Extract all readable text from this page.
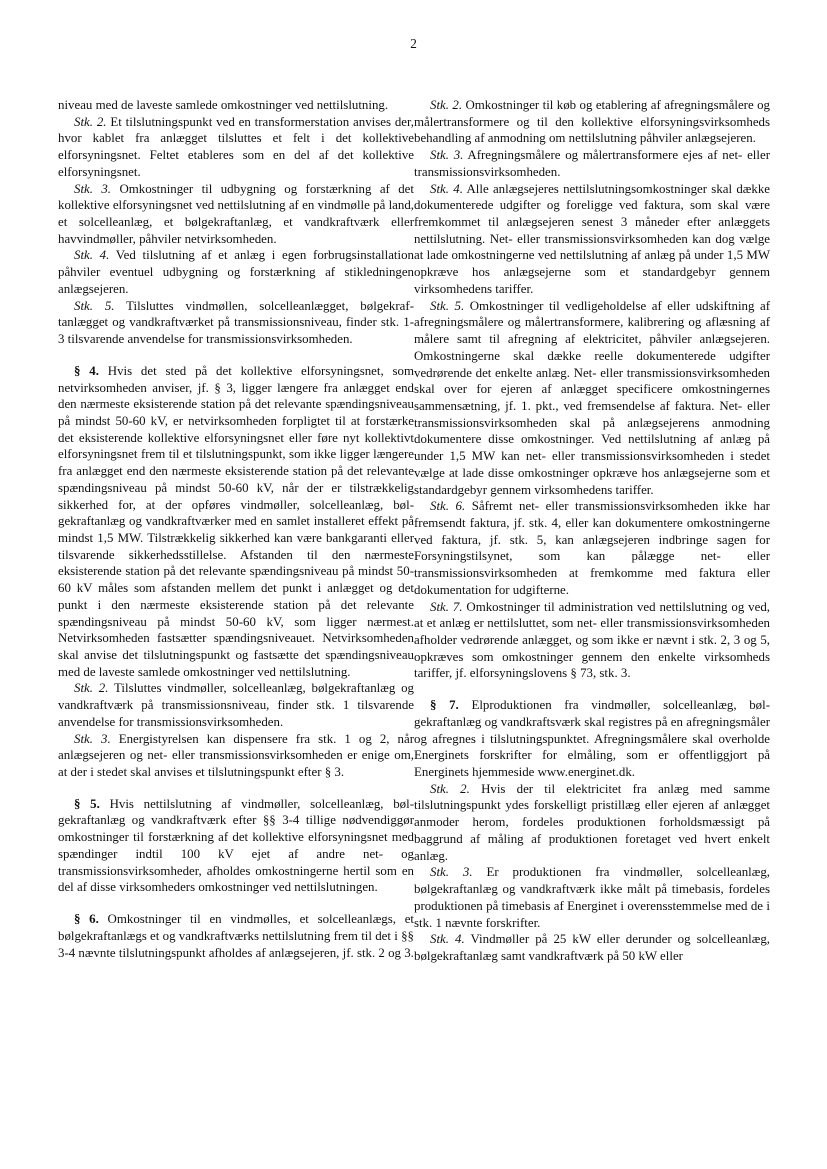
2

niveau med de laveste samlede omkostninger ved nettilslutning.

Stk. 2. Et tilslutningspunkt ved en transformerstation anvises der, hvor kablet fra anlægget tilsluttes et felt i det kollektive elforsyningsnet. Feltet etableres som en del af det kollektive elforsyningsnet.

Stk. 3. Omkostninger til udbygning og forstærkning af det kollektive elforsyningsnet ved nettilslutning af en vindmølle på land, et solcelleanlæg, et bølgekraftanlæg, et vandkraftværk eller havvindmøller, påhviler netvirksomheden.

Stk. 4. Ved tilslutning af et anlæg i egen forbrugsinstallation påhviler eventuel udbygning og forstærkning af stikledningen anlægsejeren.

Stk. 5. Tilsluttes vindmøllen, solcelleanlægget, bølgekraftanlægget og vandkraftværket på transmissionsniveau, finder stk. 1-3 tilsvarende anvendelse for transmissionsvirksomheden.

§ 4. Hvis det sted på det kollektive elforsyningsnet, som netvirksomheden anviser, jf. § 3, ligger længere fra anlægget end den nærmeste eksisterende station på det relevante spændingsniveau på mindst 50-60 kV, er netvirksomheden forpligtet til at forstærke det eksisterende kollektive elforsyningsnet eller føre nyt kollektivt elforsyningsnet frem til et tilslutningspunkt, som ikke ligger længere fra anlægget end den nærmeste eksisterende station på det relevante spændingsniveau på mindst 50-60 kV, når der er tilstrækkelig sikkerhed for, at der opføres vindmøller, solcelleanlæg, bølgekraftanlæg og vandkraftværker med en samlet installeret effekt på mindst 1,5 MW. Tilstrækkelig sikkerhed kan være bankgaranti eller tilsvarende sikkerhedsstillelse. Afstanden til den nærmeste eksisterende station på det relevante spændingsniveau på mindst 50-60 kV måles som afstanden mellem det punkt i anlægget og det punkt i den nærmeste eksisterende station på det relevante spændingsniveau på mindst 50-60 kV, som ligger nærmest. Netvirksomheden fastsætter spændingsniveauet. Netvirksomheden skal anvise det tilslutningspunkt og fastsætte det spændingsniveau med de laveste samlede omkostninger ved nettilslutning.

Stk. 2. Tilsluttes vindmøller, solcelleanlæg, bølgekraftanlæg og vandkraftværk på transmissionsniveau, finder stk. 1 tilsvarende anvendelse for transmissionsvirksomheden.

Stk. 3. Energistyrelsen kan dispensere fra stk. 1 og 2, når anlægsejeren og net- eller transmissionsvirksomheden er enige om, at der i stedet skal anvises et tilslutningspunkt efter § 3.

§ 5. Hvis nettilslutning af vindmøller, solcelleanlæg, bølgekraftanlæg og vandkraftværk efter §§ 3-4 tillige nødvendiggør omkostninger til forstærkning af det kollektive elforsyningsnet med spændinger indtil 100 kV ejet af andre net- og transmissionsvirksomheder, afholdes omkostningerne hertil som en del af disse virksomheders omkostninger ved nettilslutningen.

§ 6. Omkostninger til en vindmølles, et solcelleanlægs, et bølgekraftanlægs et og vandkraftværks nettilslutning frem til det i §§ 3-4 nævnte tilslutningspunkt afholdes af anlægsejeren, jf. stk. 2 og 3.

Stk. 2. Omkostninger til køb og etablering af afregningsmålere og målertransformere og til den kollektive elforsyningsvirksomheds behandling af anmodning om nettilslutning påhviler anlægsejeren.

Stk. 3. Afregningsmålere og målertransformere ejes af net- eller transmissionsvirksomheden.

Stk. 4. Alle anlægsejeres nettilslutningsomkostninger skal dække dokumenterede udgifter og foreligge ved faktura, som skal være fremkommet til anlægsejeren senest 3 måneder efter anlæggets nettilslutning. Net- eller transmissionsvirksomheden kan dog vælge at lade omkostningerne ved nettilslutning af anlæg på under 1,5 MW opkræve hos anlægsejerne som et standardgebyr gennem virksomhedens tariffer.

Stk. 5. Omkostninger til vedligeholdelse af eller udskiftning af afregningsmålere og målertransformere, kalibrering og aflæsning af målere samt til afregning af elektricitet, påhviler anlægsejeren. Omkostningerne skal dække reelle dokumenterede udgifter vedrørende det enkelte anlæg. Net- eller transmissionsvirksomheden skal over for ejeren af anlægget specificere omkostningernes sammensætning, jf. 1. pkt., ved fremsendelse af faktura. Net- eller transmissionsvirksomheden skal på anlægsejerens anmodning dokumentere disse omkostninger. Ved nettilslutning af anlæg på under 1,5 MW kan net- eller transmissionsvirksomheden i stedet vælge at lade disse omkostninger opkræve hos anlægsejerne som et standardgebyr gennem virksomhedens tariffer.

Stk. 6. Såfremt net- eller transmissionsvirksomheden ikke har fremsendt faktura, jf. stk. 4, eller kan dokumentere omkostningerne ved faktura, jf. stk. 5, kan anlægsejeren indbringe sagen for Forsyningstilsynet, som kan pålægge net- eller transmissionsvirksomheden at fremkomme med faktura eller dokumentation for udgifterne.

Stk. 7. Omkostninger til administration ved nettilslutning og ved, at et anlæg er nettilsluttet, som net- eller transmissionsvirksomheden afholder vedrørende anlægget, og som ikke er nævnt i stk. 2, 3 og 5, opkræves som omkostninger gennem den enkelte virksomheds tariffer, jf. elforsyningslovens § 73, stk. 3.

§ 7. Elproduktionen fra vindmøller, solcelleanlæg, bølgekraftanlæg og vandkraftsværk skal registres på en afregningsmåler og afregnes i tilslutningspunktet. Afregningsmålere skal overholde Energinets forskrifter for elmåling, som er offentliggjort på Energinets hjemmeside www.energinet.dk.

Stk. 2. Hvis der til elektricitet fra anlæg med samme tilslutningspunkt ydes forskelligt pristillæg eller ejeren af anlægget anmoder herom, fordeles produktionen forholdsmæssigt på baggrund af måling af produktionen foretaget ved hvert enkelt anlæg.

Stk. 3. Er produktionen fra vindmøller, solcelleanlæg, bølgekraftanlæg og vandkraftværk ikke målt på timebasis, fordeles produktionen på timebasis af Energinet i overensstemmelse med de i stk. 1 nævnte forskrifter.

Stk. 4. Vindmøller på 25 kW eller derunder og solcelleanlæg, bølgekraftanlæg samt vandkraftværk på 50 kW eller
